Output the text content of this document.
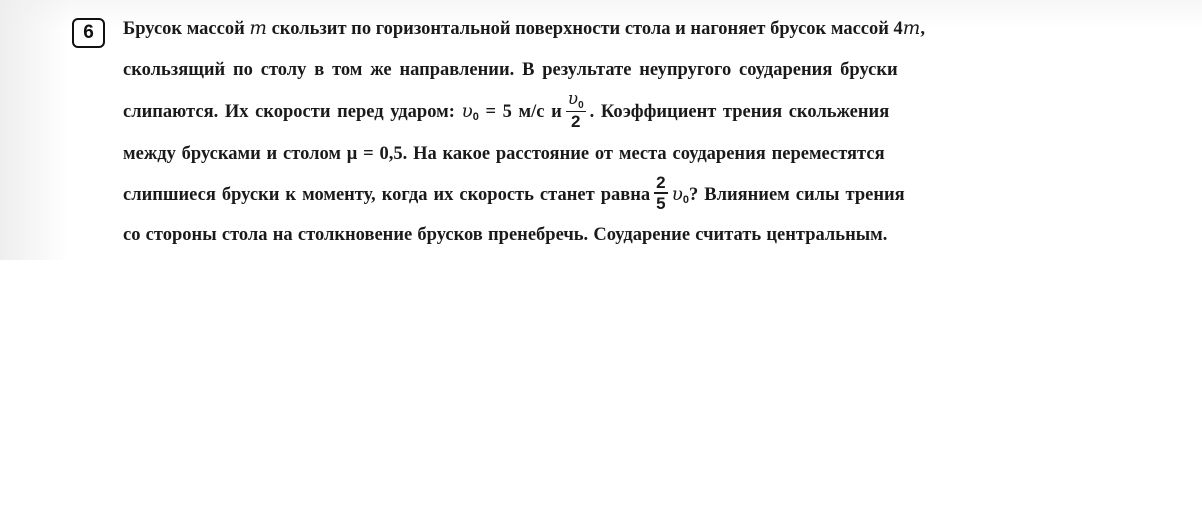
6 Брусок массой m скользит по горизонтальной поверхности стола и нагоняет брусок массой 4m,
скользящий по столу в том же направлении. В результате неупругого соударения бруски
слипаются. Их скорости перед ударом:
υ 0
= 5 м/с и $\frac{\upsilon_0}{2}$ . Коэффициент трения скольжения
между брусками и столом μ = 0,5. На какое расстояние от места соударения переместятся
слипшиеся бруски к моменту, когда их скорость станет равна $\frac{2}{5}$ υ 0 ? Влиянием силы трения
со стороны стола на столкновение брусков пренебречь. Соударение считать центральным.
